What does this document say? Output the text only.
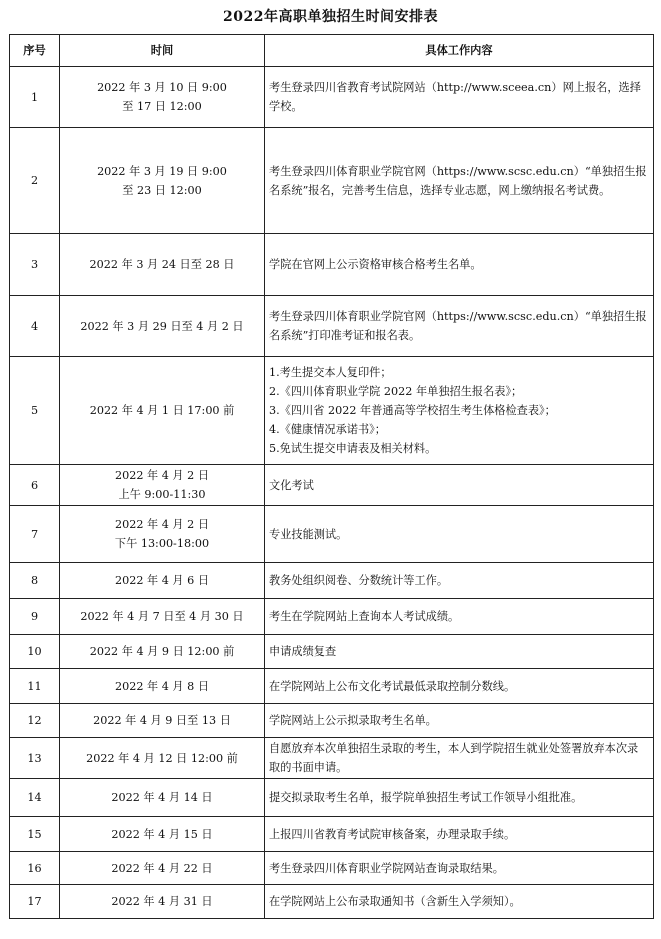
2022年高职单独招生时间安排表
序号	时间	具体工作内容
1	2022 年 3 月 10 日 9:00
至 17 日 12:00	考生登录四川省教育考试院网站（http://www.sceea.cn）网上报名，选择学校。

2	2022 年 3 月 19 日 9:00
至 23 日 12:00	考生登录四川体育职业学院官网（https://www.scsc.edu.cn）“单独招生报名系统”报名，完善考生信息，选择专业志愿，网上缴纳报名考试费。

3	2022 年 3 月 24 日至 28 日	学院在官网上公示资格审核合格考生名单。

4	2022 年 3 月 29 日至 4 月 2 日	考生登录四川体育职业学院官网（https://www.scsc.edu.cn）“单独招生报名系统”打印准考证和报名表。

5	2022 年 4 月 1 日 17:00 前	1.考生提交本人复印件；
2.《四川体育职业学院 2022 年单独招生报名表》；
3.《四川省 2022 年普通高等学校招生考生体格检查表》；
4.《健康情况承诺书》；
5.免试生提交申请表及相关材料。

6	2022 年 4 月 2 日
上午 9:00-11:30	文化考试

7	2022 年 4 月 2 日
下午 13:00-18:00	专业技能测试。

8	2022 年 4 月 6 日	教务处组织阅卷、分数统计等工作。

9	2022 年 4 月 7 日至 4 月 30 日	考生在学院网站上查询本人考试成绩。

10	2022 年 4 月 9 日 12:00 前	申请成绩复查

11	2022 年 4 月 8 日	在学院网站上公布文化考试最低录取控制分数线。

12	2022 年 4 月 9 日至 13 日	学院网站上公示拟录取考生名单。

13	2022 年 4 月 12 日 12:00 前	自愿放弃本次单独招生录取的考生，本人到学院招生就业处签署放弃本次录取的书面申请。

14	2022 年 4 月 14 日	提交拟录取考生名单，报学院单独招生考试工作领导小组批准。

15	2022 年 4 月 15 日	上报四川省教育考试院审核备案，办理录取手续。

16	2022 年 4 月 22 日	考生登录四川体育职业学院网站查询录取结果。

17	2022 年 4 月 31 日	在学院网站上公布录取通知书（含新生入学须知）。
